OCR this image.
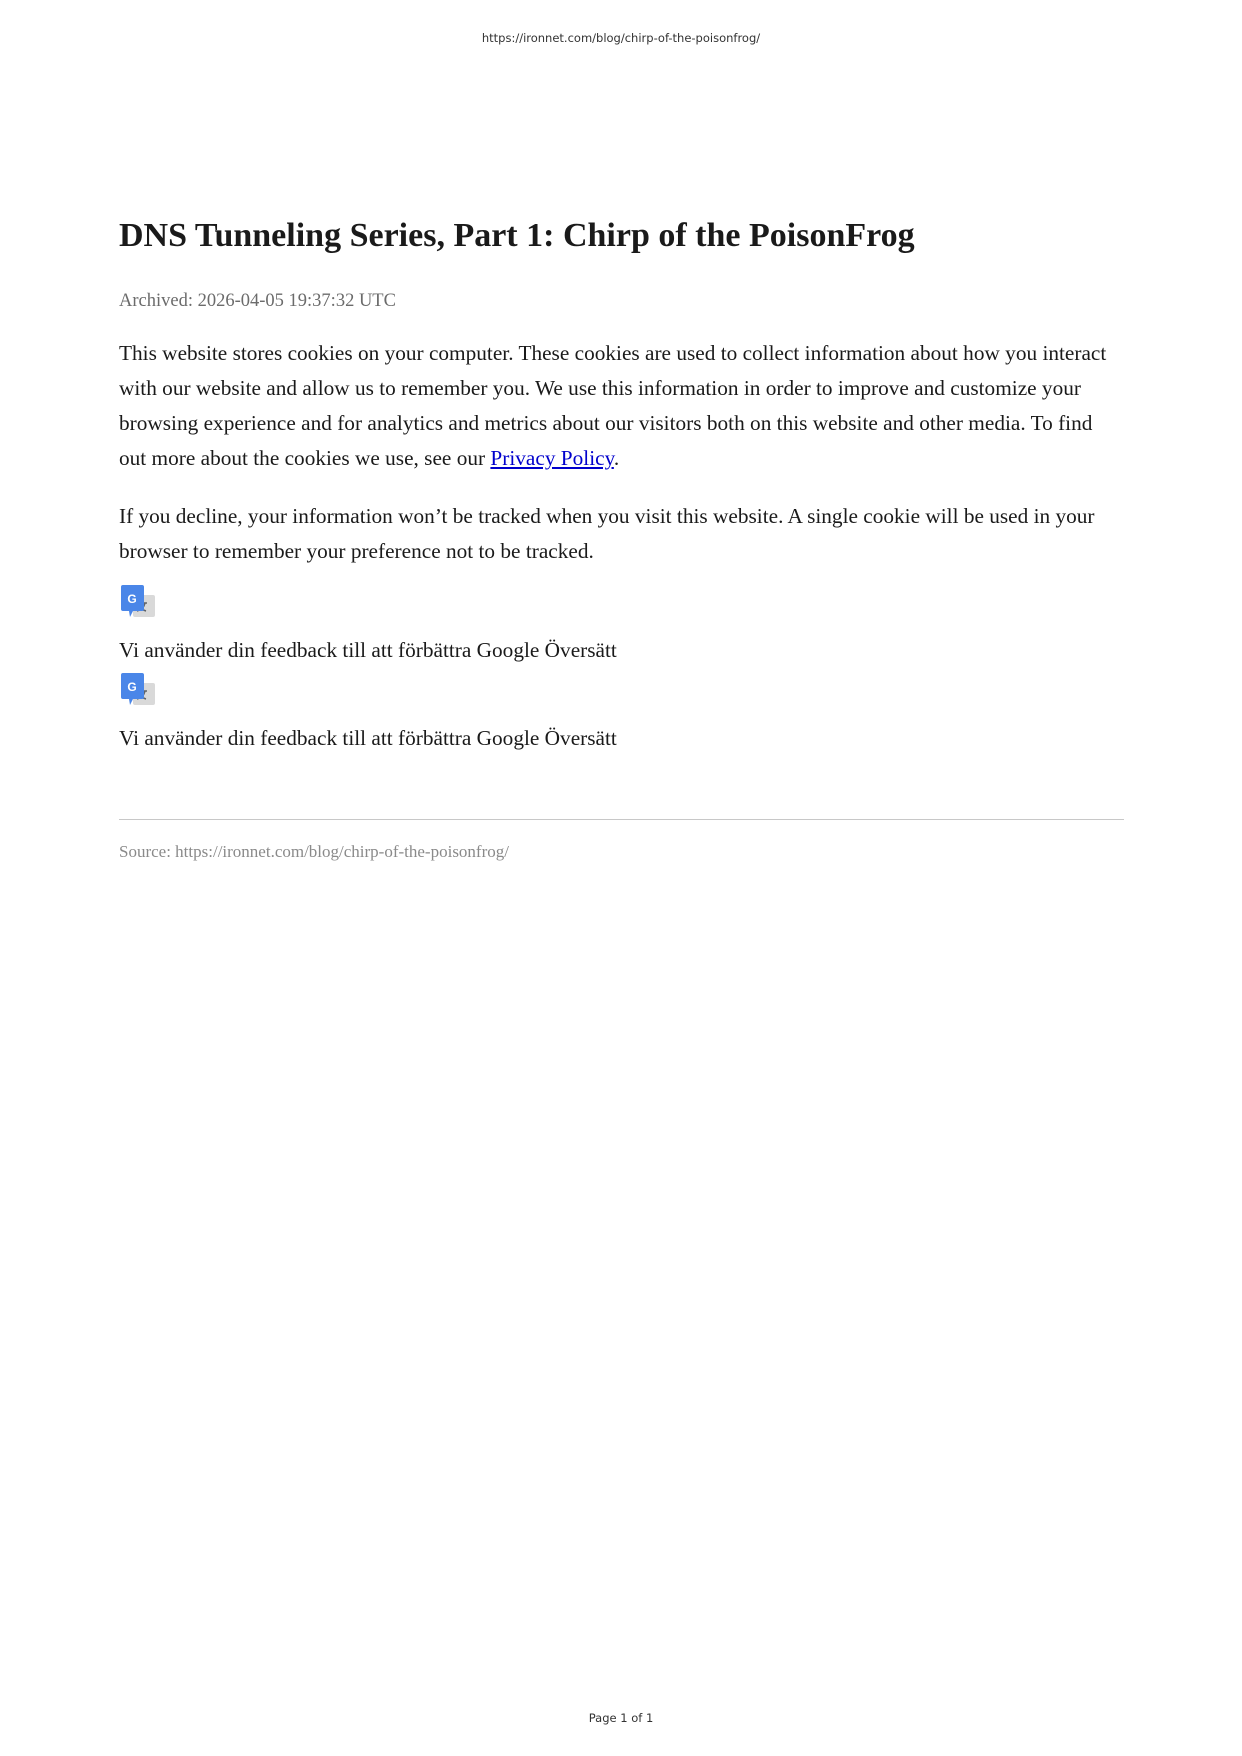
https://ironnet.com/blog/chirp-of-the-poisonfrog/
DNS Tunneling Series, Part 1: Chirp of the PoisonFrog
Archived: 2026-04-05 19:37:32 UTC

This website stores cookies on your computer. These cookies are used to collect information about how you interact with our website and allow us to remember you. We use this information in order to improve and customize your browsing experience and for analytics and metrics about our visitors both on this website and other media. To find out more about the cookies we use, see our Privacy Policy.

If you decline, your information won’t be tracked when you visit this website. A single cookie will be used in your browser to remember your preference not to be tracked.

G
Vi använder din feedback till att förbättra Google Översätt
G
Vi använder din feedback till att förbättra Google Översätt
Source: https://ironnet.com/blog/chirp-of-the-poisonfrog/
Page 1 of 1
